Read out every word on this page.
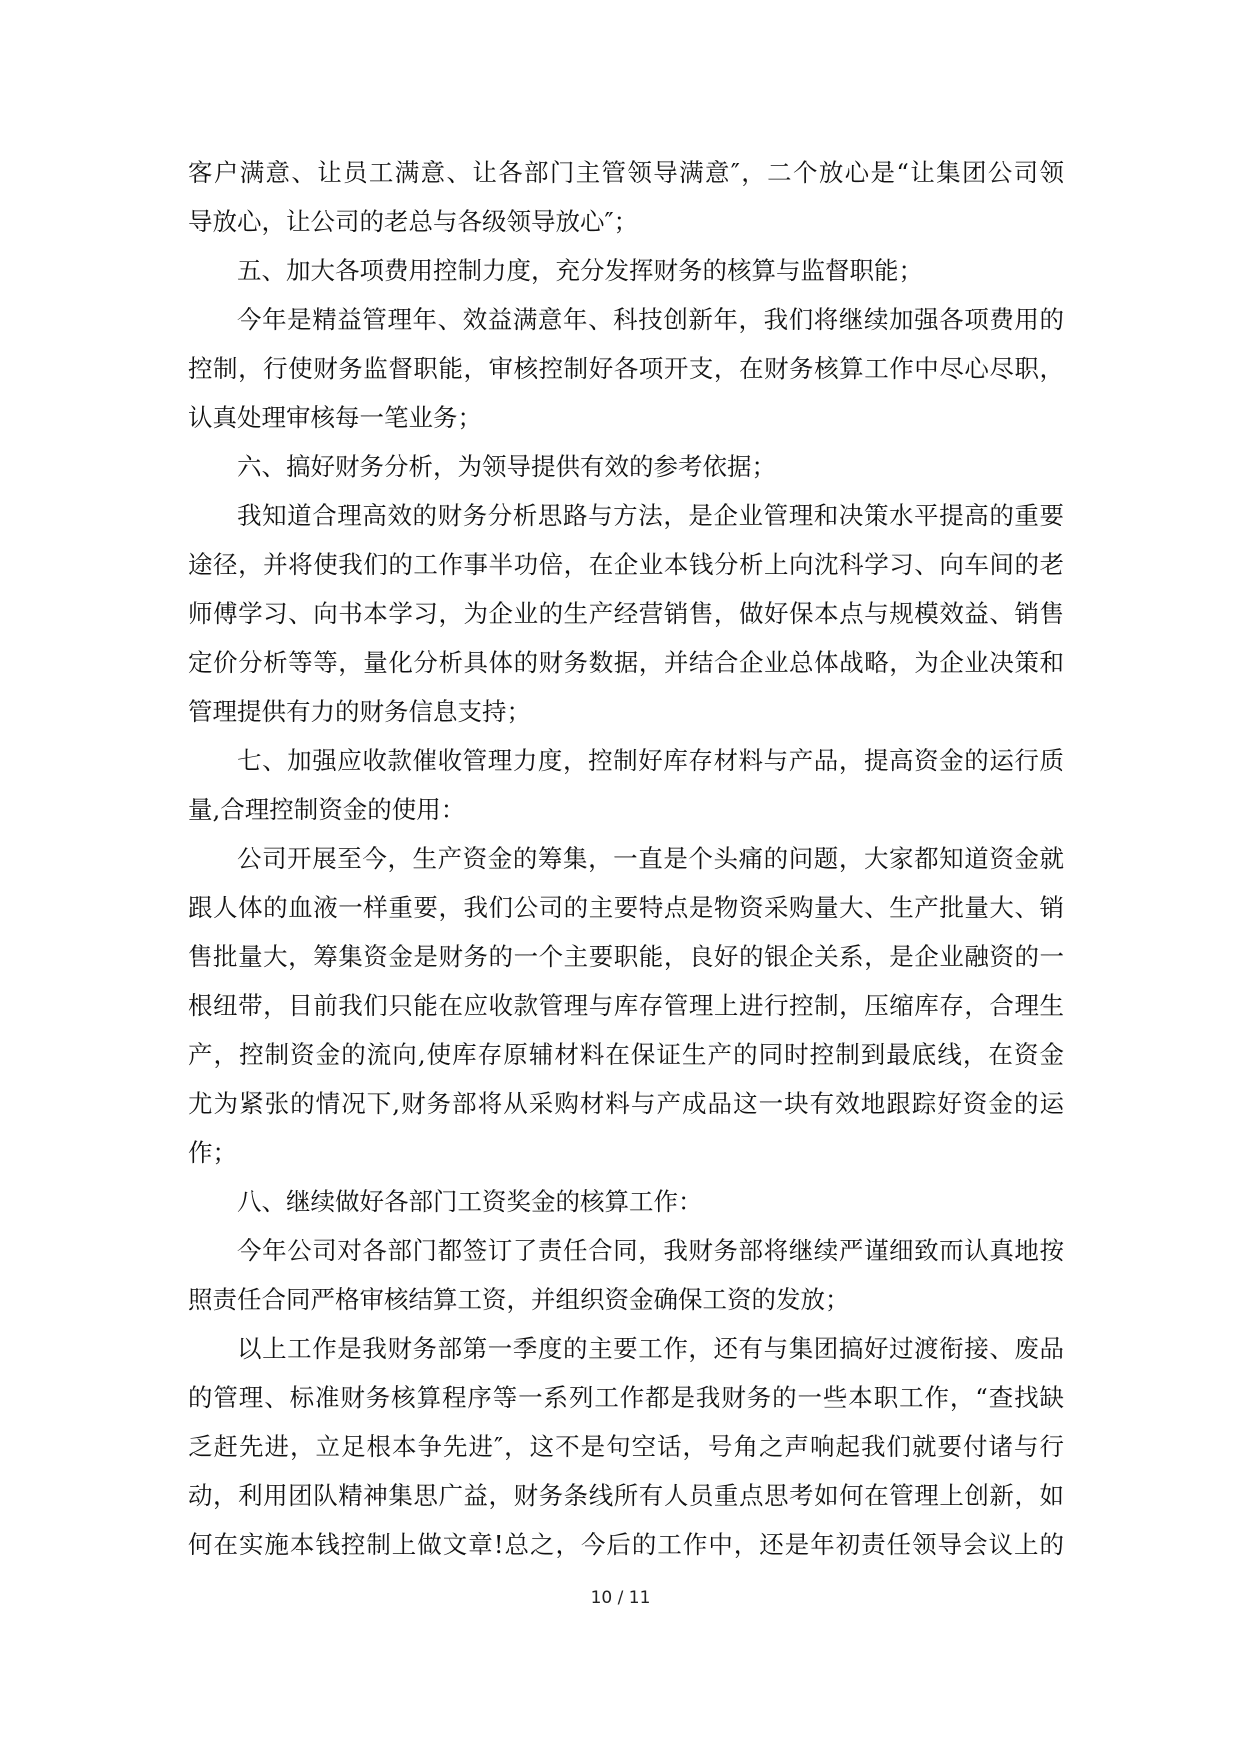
客户满意、让员工满意、让各部门主管领导满意″，二个放心是“让集团公司领
导放心，让公司的老总与各级领导放心″；
五、加大各项费用控制力度，充分发挥财务的核算与监督职能；
今年是精益管理年、效益满意年、科技创新年，我们将继续加强各项费用的
控制，行使财务监督职能，审核控制好各项开支，在财务核算工作中尽心尽职，
认真处理审核每一笔业务；
六、搞好财务分析，为领导提供有效的参考依据；
我知道合理高效的财务分析思路与方法，是企业管理和决策水平提高的重要
途径，并将使我们的工作事半功倍，在企业本钱分析上向沈科学习、向车间的老
师傅学习、向书本学习，为企业的生产经营销售，做好保本点与规模效益、销售
定价分析等等，量化分析具体的财务数据，并结合企业总体战略，为企业决策和
管理提供有力的财务信息支持；
七、加强应收款催收管理力度，控制好库存材料与产品，提高资金的运行质
量,合理控制资金的使用：
公司开展至今，生产资金的筹集，一直是个头痛的问题，大家都知道资金就
跟人体的血液一样重要，我们公司的主要特点是物资采购量大、生产批量大、销
售批量大，筹集资金是财务的一个主要职能，良好的银企关系，是企业融资的一
根纽带，目前我们只能在应收款管理与库存管理上进行控制，压缩库存，合理生
产，控制资金的流向,使库存原辅材料在保证生产的同时控制到最底线，在资金
尤为紧张的情况下,财务部将从采购材料与产成品这一块有效地跟踪好资金的运
作；
八、继续做好各部门工资奖金的核算工作：
今年公司对各部门都签订了责任合同，我财务部将继续严谨细致而认真地按
照责任合同严格审核结算工资，并组织资金确保工资的发放；
以上工作是我财务部第一季度的主要工作，还有与集团搞好过渡衔接、废品
的管理、标准财务核算程序等一系列工作都是我财务的一些本职工作，“查找缺
乏赶先进，立足根本争先进″，这不是句空话，号角之声响起我们就要付诸与行
动，利用团队精神集思广益，财务条线所有人员重点思考如何在管理上创新，如
何在实施本钱控制上做文章!总之，今后的工作中，还是年初责任领导会议上的
10 / 11
